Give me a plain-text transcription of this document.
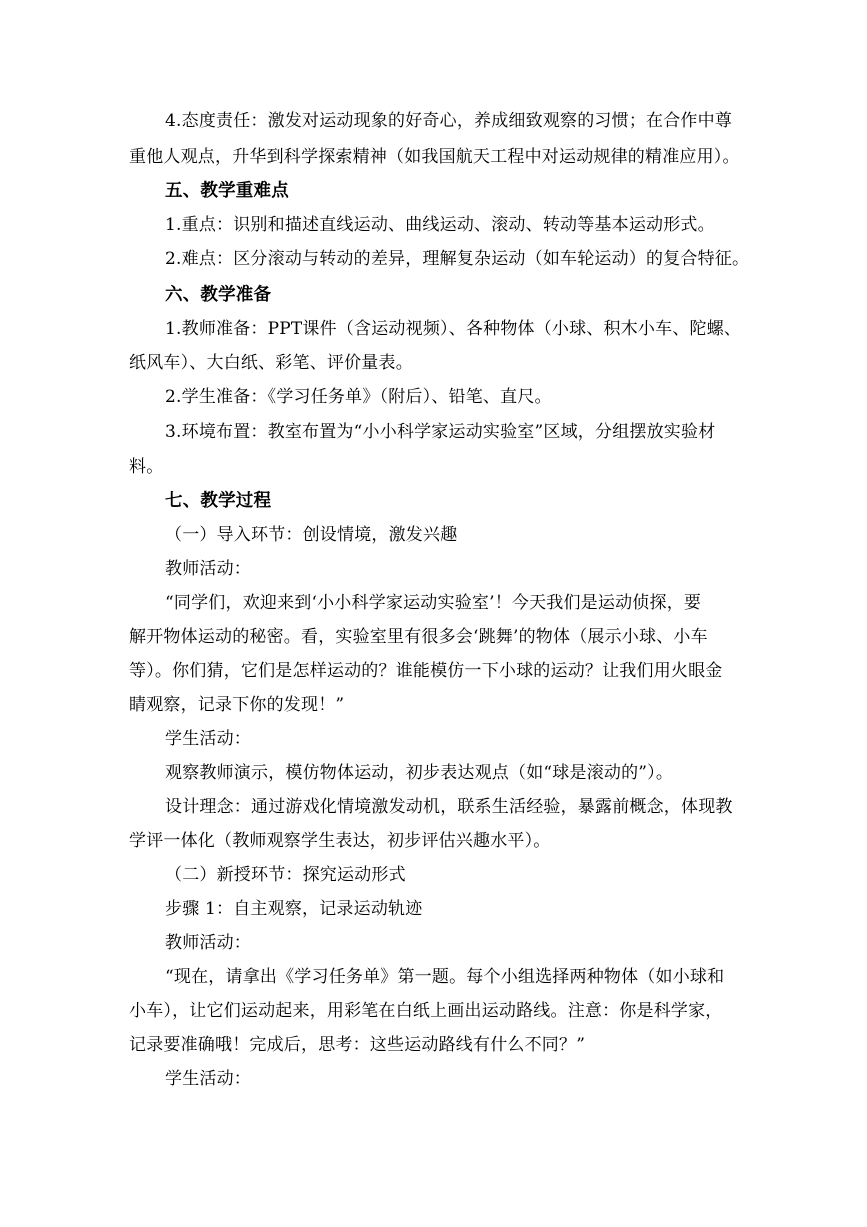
4.态度责任：激发对运动现象的好奇心，养成细致观察的习惯；在合作中尊
重他人观点，升华到科学探索精神（如我国航天工程中对运动规律的精准应用）。
五、教学重难点
1.重点：识别和描述直线运动、曲线运动、滚动、转动等基本运动形式。
2.难点：区分滚动与转动的差异，理解复杂运动（如车轮运动）的复合特征。
六、教学准备
1.教师准备：PPT课件（含运动视频）、各种物体（小球、积木小车、陀螺、
纸风车）、大白纸、彩笔、评价量表。
2.学生准备：《学习任务单》（附后）、铅笔、直尺。
3.环境布置：教室布置为“小小科学家运动实验室”区域，分组摆放实验材
料。
七、教学过程
（一）导入环节：创设情境，激发兴趣
教师活动：
“同学们，欢迎来到‘小小科学家运动实验室’！今天我们是运动侦探，要
解开物体运动的秘密。看，实验室里有很多会‘跳舞’的物体（展示小球、小车
等）。你们猜，它们是怎样运动的？谁能模仿一下小球的运动？让我们用火眼金
睛观察，记录下你的发现！”
学生活动：
观察教师演示，模仿物体运动，初步表达观点（如“球是滚动的”）。
设计理念：通过游戏化情境激发动机，联系生活经验，暴露前概念，体现教
学评一体化（教师观察学生表达，初步评估兴趣水平）。
（二）新授环节：探究运动形式
步骤 1：自主观察，记录运动轨迹
教师活动：
“现在，请拿出《学习任务单》第一题。每个小组选择两种物体（如小球和
小车），让它们运动起来，用彩笔在白纸上画出运动路线。注意：你是科学家，
记录要准确哦！完成后，思考：这些运动路线有什么不同？”
学生活动：
